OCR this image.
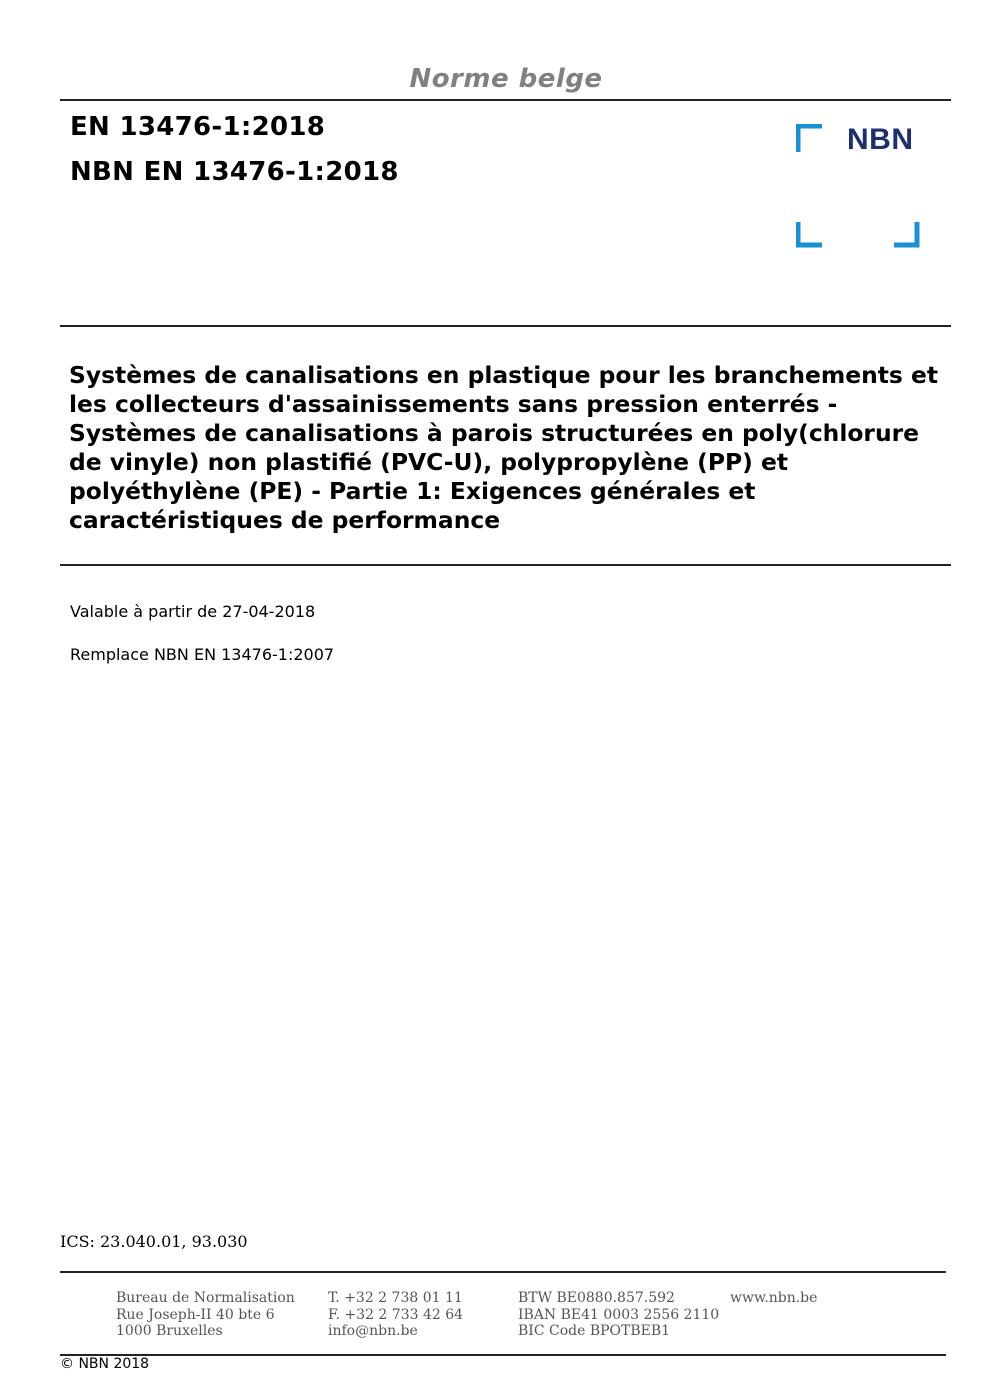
Norme belge
EN 13476-1:2018
NBN EN 13476-1:2018
NBN
Systèmes de canalisations en plastique pour les branchements et
les collecteurs d'assainissements sans pression enterrés -
Systèmes de canalisations à parois structurées en poly(chlorure
de vinyle) non plastifié (PVC-U), polypropylène (PP) et
polyéthylène (PE) - Partie 1: Exigences générales et
caractéristiques de performance
Valable à partir de 27-04-2018
Remplace NBN EN 13476-1:2007
ICS: 23.040.01, 93.030
Bureau de Normalisation
Rue Joseph-II 40 bte 6
1000 Bruxelles
T. +32 2 738 01 11
F. +32 2 733 42 64
info@nbn.be
BTW BE0880.857.592
IBAN BE41 0003 2556 2110
BIC Code BPOTBEB1
www.nbn.be
© NBN 2018
